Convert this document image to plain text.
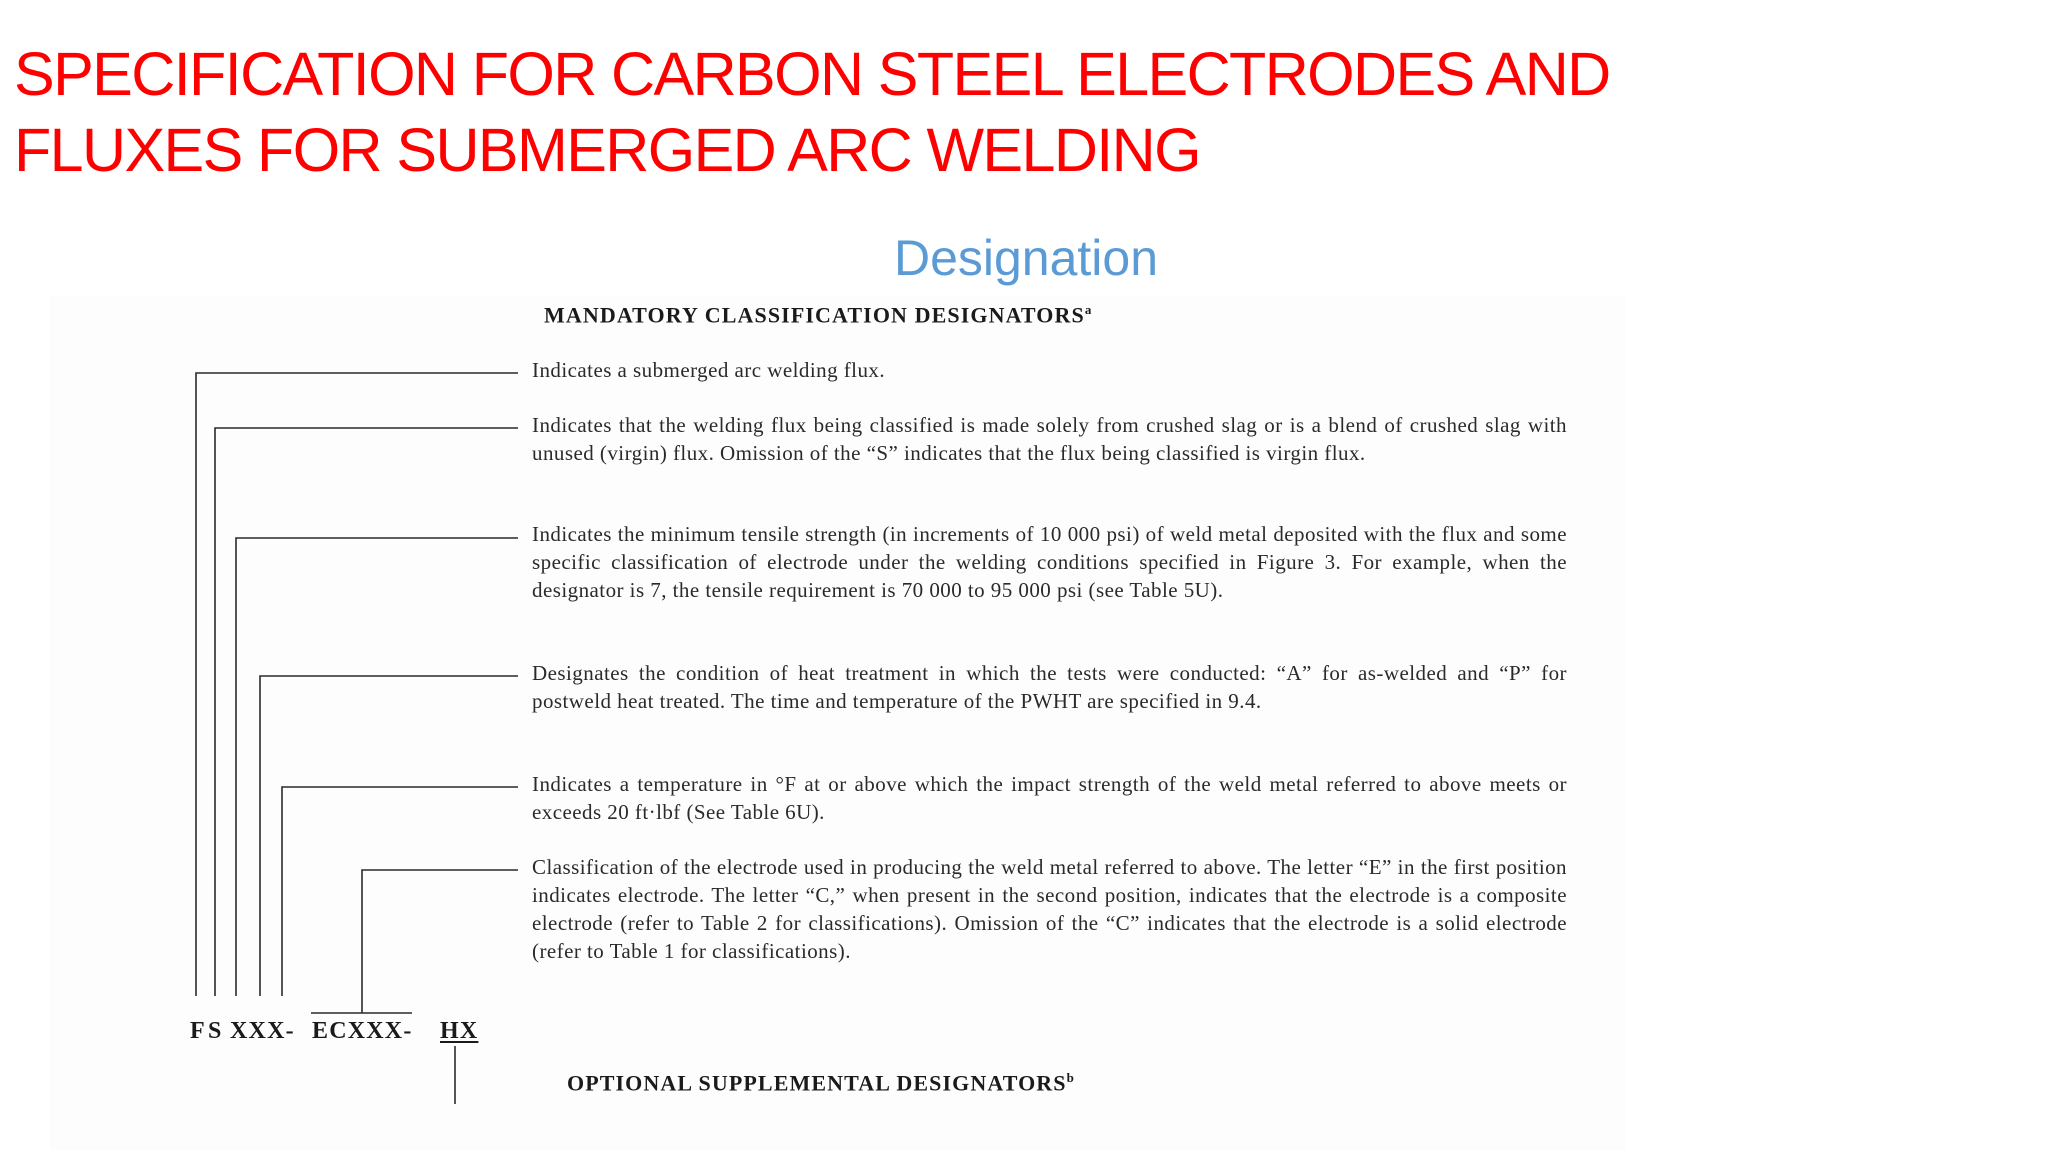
SPECIFICATION FOR CARBON STEEL ELECTRODES AND
FLUXES FOR SUBMERGED ARC WELDING
Designation
MANDATORY CLASSIFICATION DESIGNATORS$^a$

Indicates a submerged arc welding flux.

Indicates that the welding flux being classified is made solely from crushed slag or is a blend of crushed slag with unused (virgin) flux. Omission of the “S” indicates that the flux being classified is virgin flux.

Indicates the minimum tensile strength (in increments of 10 000 psi) of weld metal deposited with the flux and some specific classification of electrode under the welding conditions specified in Figure 3. For example, when the designator is 7, the tensile requirement is 70 000 to 95 000 psi (see Table 5U).

Designates the condition of heat treatment in which the tests were conducted: “A” for as-welded and “P” for postweld heat treated. The time and temperature of the PWHT are specified in 9.4.

Indicates a temperature in °F at or above which the impact strength of the weld metal referred to above meets or exceeds 20 ft·lbf (See Table 6U).

Classification of the electrode used in producing the weld metal referred to above. The letter “E” in the first position indicates electrode. The letter “C,” when present in the second position, indicates that the electrode is a composite electrode (refer to Table 2 for classifications). Omission of the “C” indicates that the electrode is a solid electrode (refer to Table 1 for classifications).

F S XXX- ECXXX- HX
OPTIONAL SUPPLEMENTAL DESIGNATORS$^b$
